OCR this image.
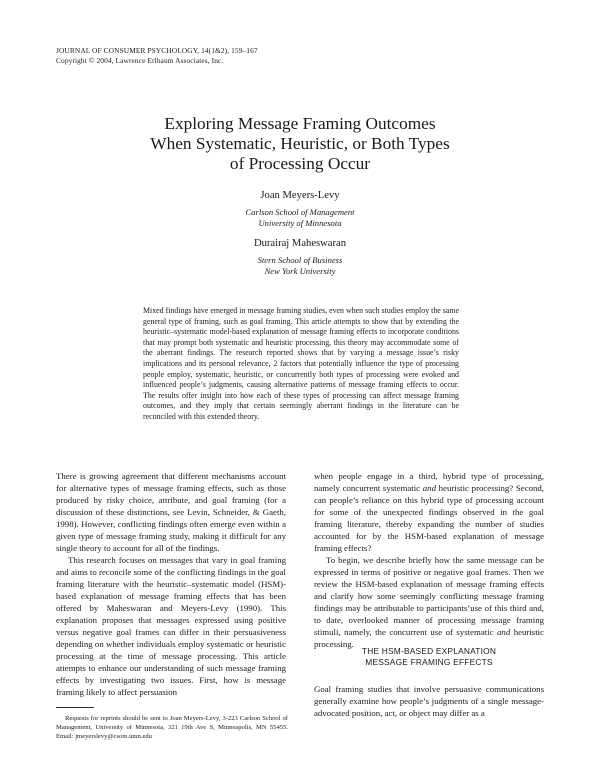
JOURNAL OF CONSUMER PSYCHOLOGY, 14(1&2), 159–167
Copyright © 2004, Lawrence Erlbaum Associates, Inc.
Exploring Message Framing Outcomes
When Systematic, Heuristic, or Both Types
of Processing Occur
Joan Meyers-Levy
Carlson School of Management
University of Minnesota
Durairaj Maheswaran
Stern School of Business
New York University
Mixed findings have emerged in message framing studies, even when such studies employ the same general type of framing, such as goal framing. This article attempts to show that by extending the heuristic–systematic model-based explanation of message framing effects to incorporate conditions that may prompt both systematic and heuristic processing, this theory may accommodate some of the aberrant findings. The research reported shows that by varying a message issue’s risky implications and its personal relevance, 2 factors that potentially influence the type of processing people employ, systematic, heuristic, or concurrently both types of processing were evoked and influenced people’s judgments, causing alternative patterns of message framing effects to occur. The results offer insight into how each of these types of processing can affect message framing outcomes, and they imply that certain seemingly aberrant findings in the literature can be reconciled with this extended theory.

There is growing agreement that different mechanisms account for alternative types of message framing effects, such as those produced by risky choice, attribute, and goal framing (for a discussion of these distinctions, see Levin, Schneider, & Gaeth, 1998). However, conflicting findings often emerge even within a given type of message framing study, making it difficult for any single theory to account for all of the findings.

This research focuses on messages that vary in goal framing and aims to reconcile some of the conflicting findings in the goal framing literature with the heuristic–systematic model (HSM)-based explanation of message framing effects that has been offered by Maheswaran and Meyers-Levy (1990). This explanation proposes that messages expressed using positive versus negative goal frames can differ in their persuasiveness depending on whether individuals employ systematic or heuristic processing at the time of message processing. This article attempts to enhance our understanding of such message framing effects by investigating two issues. First, how is message framing likely to affect persuasion

Requests for reprints should be sent to Joan Meyers-Levy, 3-223 Carlson School of Management, University of Minnesota, 321 19th Ave S, Minneapolis, MN 55455. Email: jmeyerslevy@csom.umn.edu

when people engage in a third, hybrid type of processing, namely concurrent systematic and heuristic processing? Second, can people’s reliance on this hybrid type of processing account for some of the unexpected findings observed in the goal framing literature, thereby expanding the number of studies accounted for by the HSM-based explanation of message framing effects?

To begin, we describe briefly how the same message can be expressed in terms of positive or negative goal frames. Then we review the HSM-based explanation of message framing effects and clarify how some seemingly conflicting message framing findings may be attributable to participants’use of this third and, to date, overlooked manner of processing message framing stimuli, namely, the concurrent use of systematic and heuristic processing.

THE HSM-BASED EXPLANATION
MESSAGE FRAMING EFFECTS

Goal framing studies that involve persuasive communications generally examine how people’s judgments of a single message-advocated position, act, or object may differ as a
